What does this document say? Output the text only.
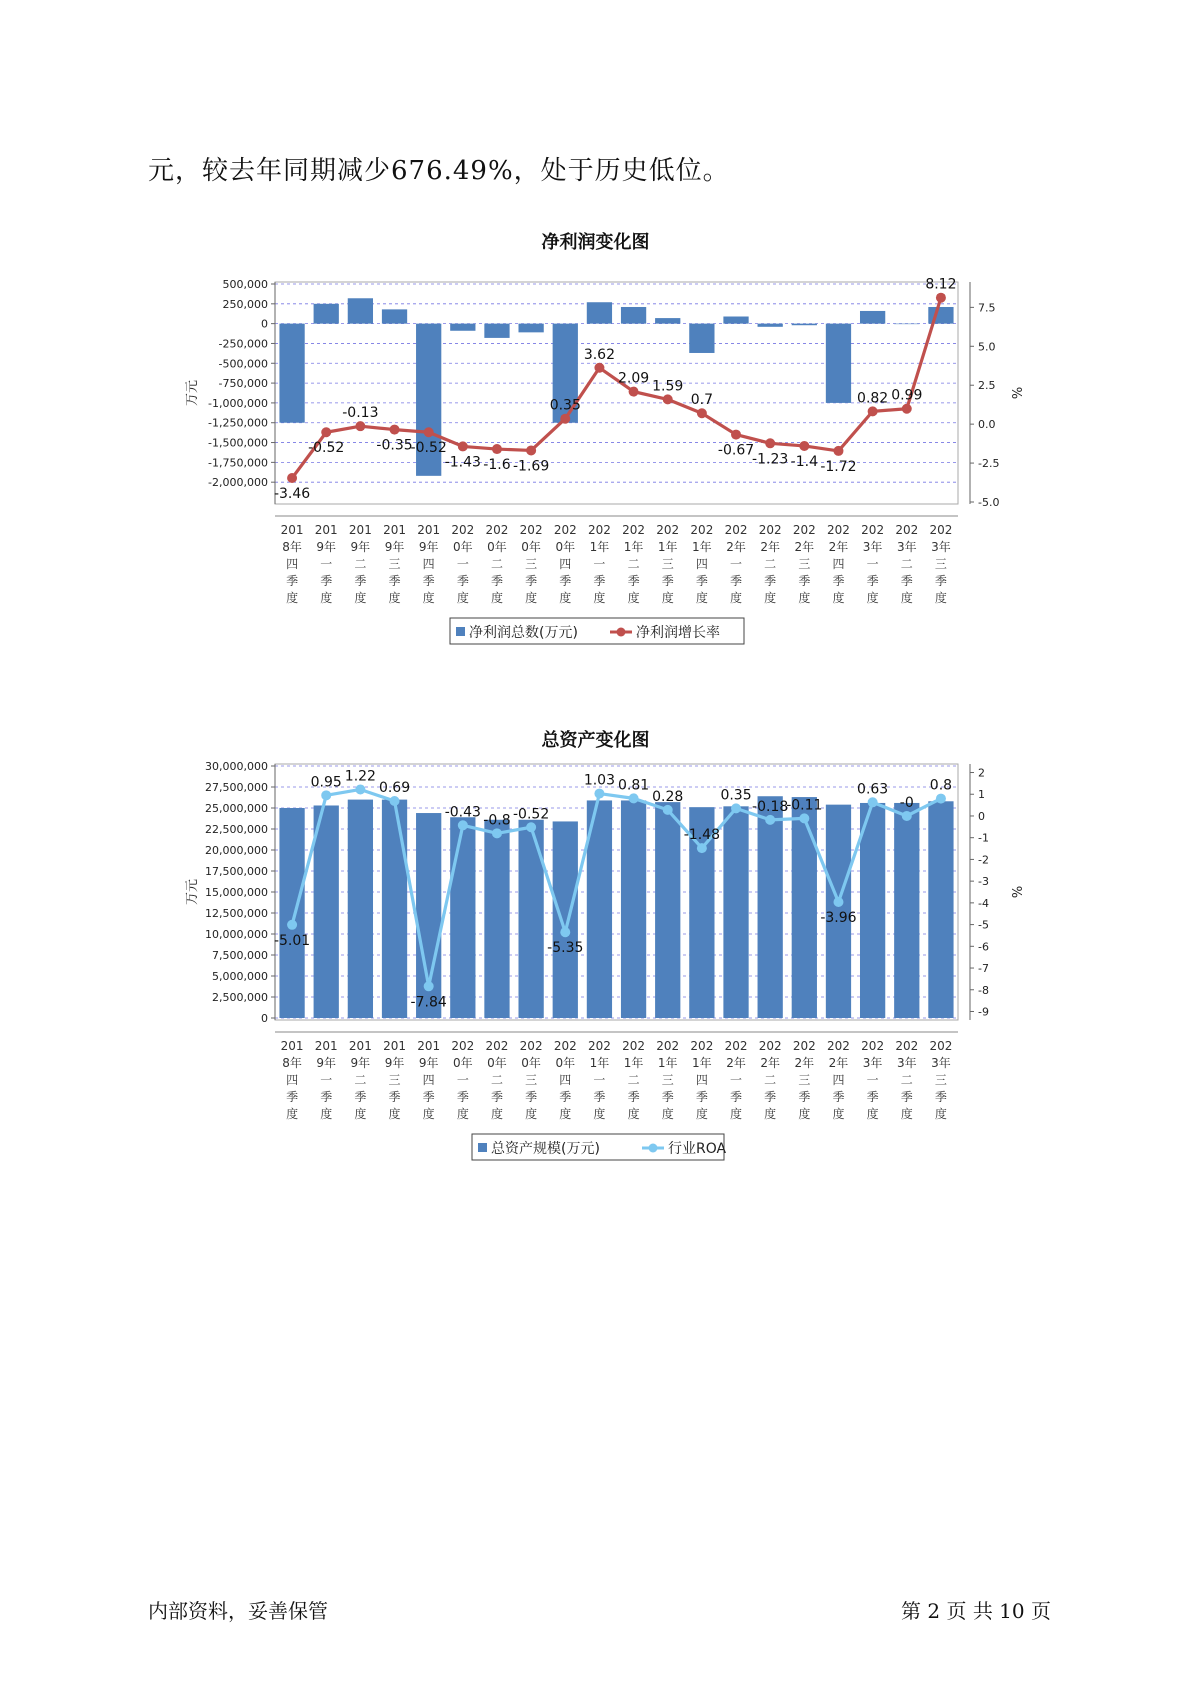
元，较去年同期减少676.49%，处于历史低位。
净利润变化图
500,000
250,000
0
-250,000
-500,000
-750,000
-1,000,000
-1,250,000
-1,500,000
-1,750,000
-2,000,000
7.5
5.0
2.5
0.0
-2.5
-5.0
万元	%
-3.46
-0.52
-0.13
-0.35
-0.52
-1.43 -1.6 -1.69
0.35
3.62
2.09 1.59
0.7
-0.67
-1.23 -1.4 -1.72
0.82 0.99
8.12
201
8年
四
季
度
201
9年
一
季
度
201
9年
二
季
度
201
9年
三
季
度
201
9年
四
季
度
202
0年
一
季
度
202
0年
二
季
度
202
0年
三
季
度
202
0年
四
季
度
202
1年
一
季
度
202
1年
二
季
度
202
1年
三
季
度
202
1年
四
季
度
202
2年
一
季
度
202
2年
二
季
度
202
2年
三
季
度
202
2年
四
季
度
202
3年
一
季
度
202
3年
二
季
度
202
3年
三
季
度
净利润总数(万元)	净利润增长率
总资产变化图
30,000,000
27,500,000
25,000,000
22,500,000
20,000,000
17,500,000
15,000,000
12,500,000
10,000,000
7,500,000
5,000,000
2,500,000
0
2
1
0
-1
-2
-3
-4
-5
-6
-7
-8
-9
万元	%
-5.01
0.95 1.22
0.69
-7.84
-0.43
-0.8 -0.52
-5.35
1.03 0.81
0.28
-1.48
0.35
-0.18
-0.11
-3.96
0.63
-0
0.8
201
8年
四
季
度
201
9年
一
季
度
201
9年
二
季
度
201
9年
三
季
度
201
9年
四
季
度
202
0年
一
季
度
202
0年
二
季
度
202
0年
三
季
度
202
0年
四
季
度
202
1年
一
季
度
202
1年
二
季
度
202
1年
三
季
度
202
1年
四
季
度
202
2年
一
季
度
202
2年
二
季
度
202
2年
三
季
度
202
2年
四
季
度
202
3年
一
季
度
202
3年
二
季
度
202
3年
三
季
度
总资产规模(万元)	行业ROA
内部资料，妥善保管	第 2 页 共 10 页
